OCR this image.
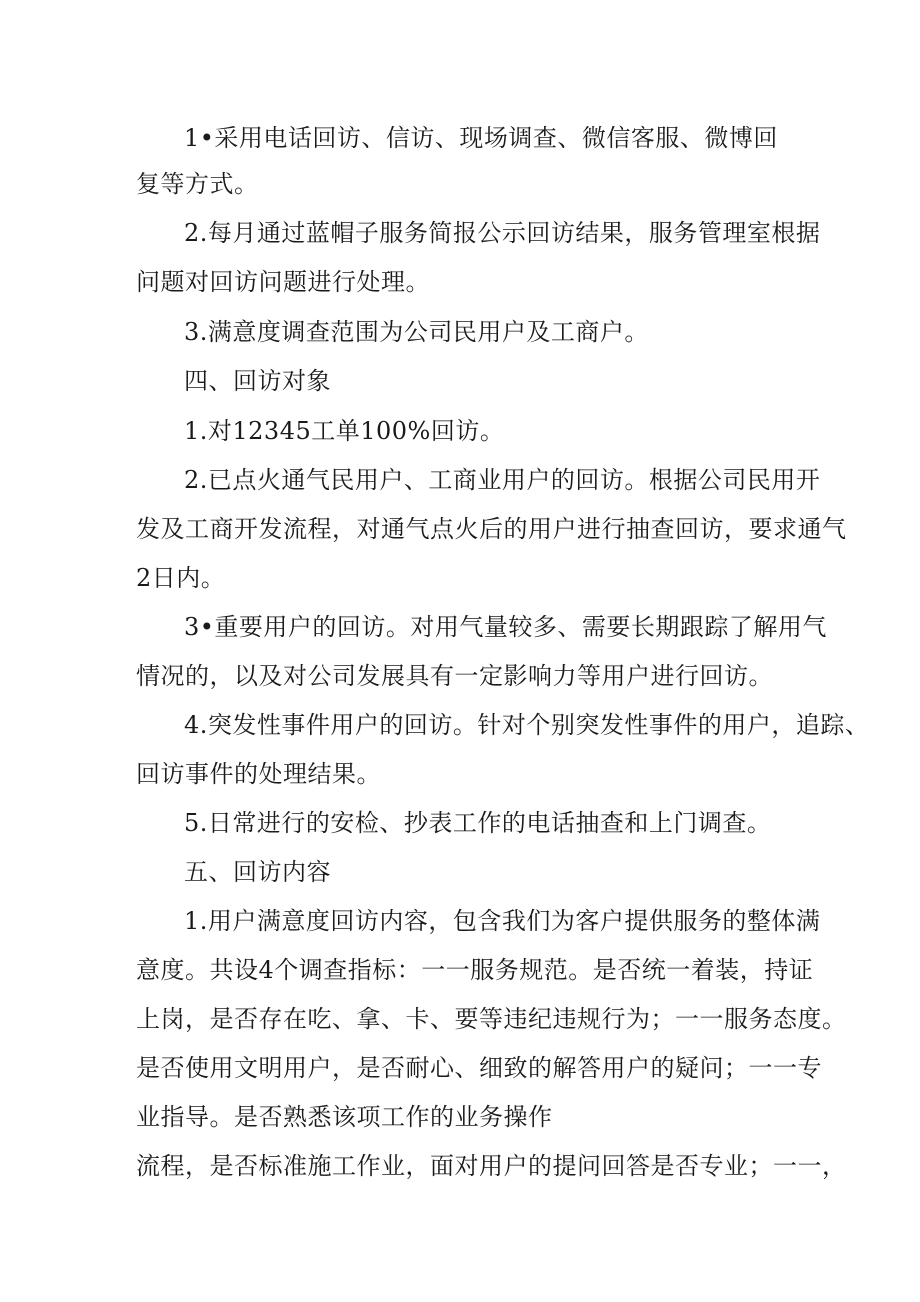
1•采用电话回访、信访、现场调查、微信客服、微博回
复等方式。
2.每月通过蓝帽子服务简报公示回访结果，服务管理室根据
问题对回访问题进行处理。
3.满意度调查范围为公司民用户及工商户。
四、回访对象
1.对12345工单100%回访。
2.已点火通气民用户、工商业用户的回访。根据公司民用开
发及工商开发流程，对通气点火后的用户进行抽查回访，要求通气
2日内。
3•重要用户的回访。对用气量较多、需要长期跟踪了解用气
情况的，以及对公司发展具有一定影响力等用户进行回访。
4.突发性事件用户的回访。针对个别突发性事件的用户，追踪、
回访事件的处理结果。
5.日常进行的安检、抄表工作的电话抽查和上门调查。
五、回访内容
1.用户满意度回访内容，包含我们为客户提供服务的整体满
意度。共设4个调查指标：一一服务规范。是否统一着装，持证
上岗，是否存在吃、拿、卡、要等违纪违规行为；一一服务态度。
是否使用文明用户，是否耐心、细致的解答用户的疑问；一一专
业指导。是否熟悉该项工作的业务操作
流程，是否标准施工作业，面对用户的提问回答是否专业；一一，
